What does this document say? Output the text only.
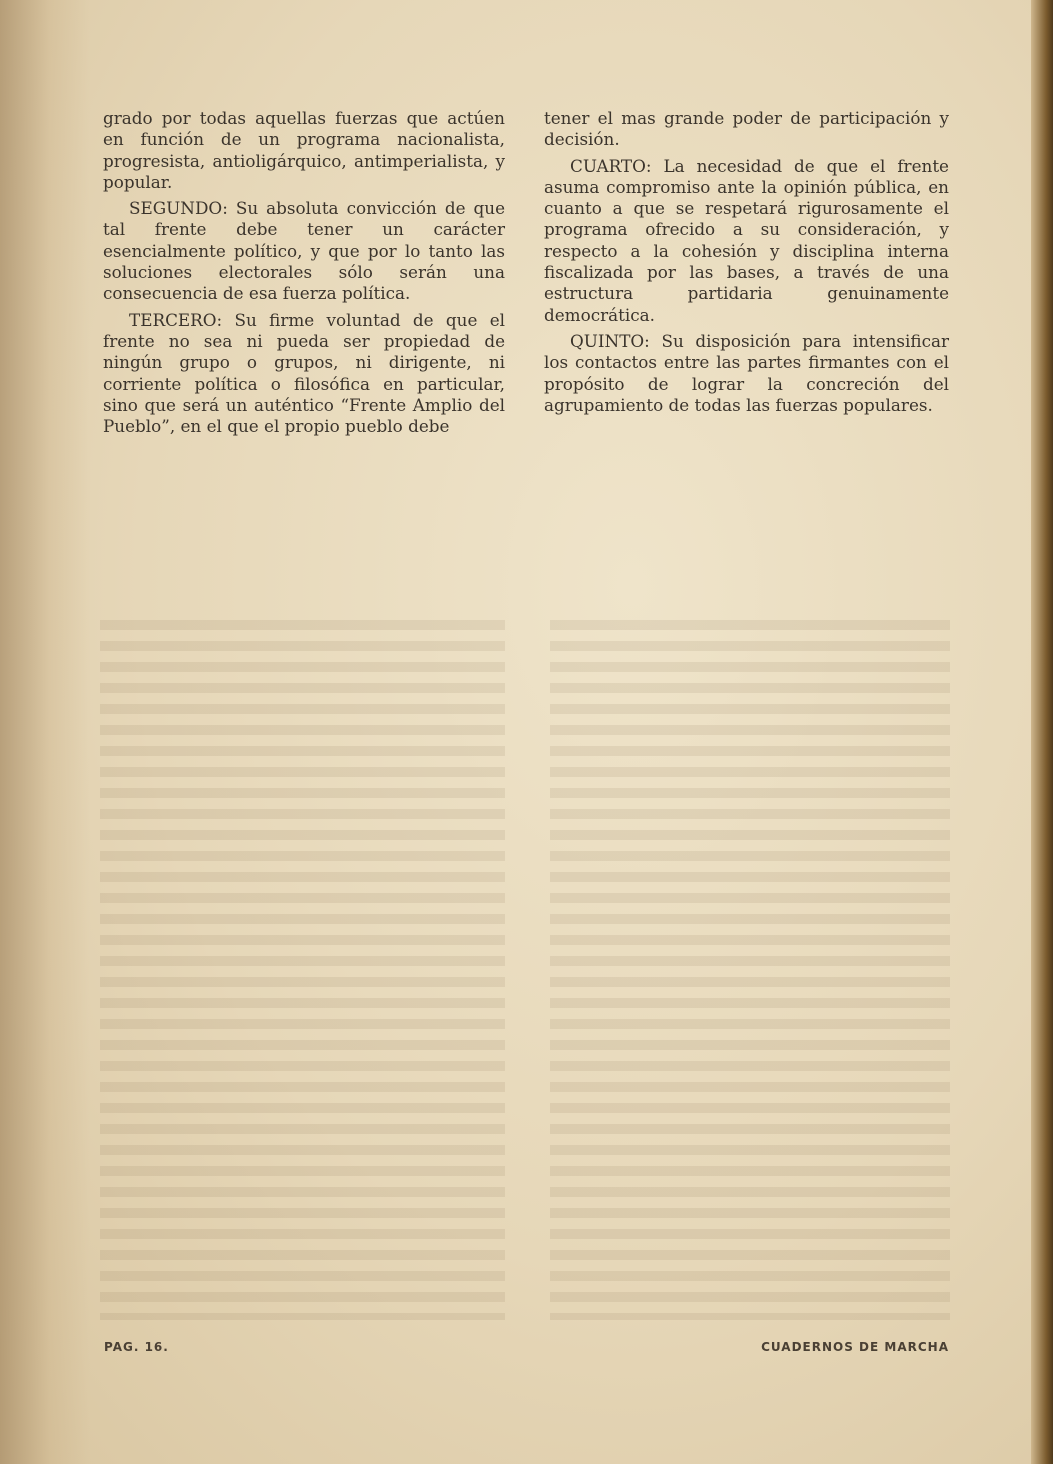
grado por todas aquellas fuerzas que actúen en función de un programa nacionalista, progresista, antioligárquico, antimperialista, y popular.

SEGUNDO: Su absoluta convicción de que tal frente debe tener un carácter esencialmente político, y que por lo tanto las soluciones electorales sólo serán una consecuencia de esa fuerza política.

TERCERO: Su firme voluntad de que el frente no sea ni pueda ser propiedad de ningún grupo o grupos, ni dirigente, ni corriente política o filosófica en particular, sino que será un auténtico “Frente Amplio del Pueblo”, en el que el propio pueblo debe

tener el mas grande poder de participación y decisión.

CUARTO: La necesidad de que el frente asuma compromiso ante la opinión pública, en cuanto a que se respetará rigurosamente el programa ofrecido a su consideración, y respecto a la cohesión y disciplina interna fiscalizada por las bases, a través de una estructura partidaria genuinamente democrática.

QUINTO: Su disposición para intensificar los contactos entre las partes firmantes con el propósito de lograr la concreción del agrupamiento de todas las fuerzas populares.

PAG. 16.	CUADERNOS DE MARCHA
